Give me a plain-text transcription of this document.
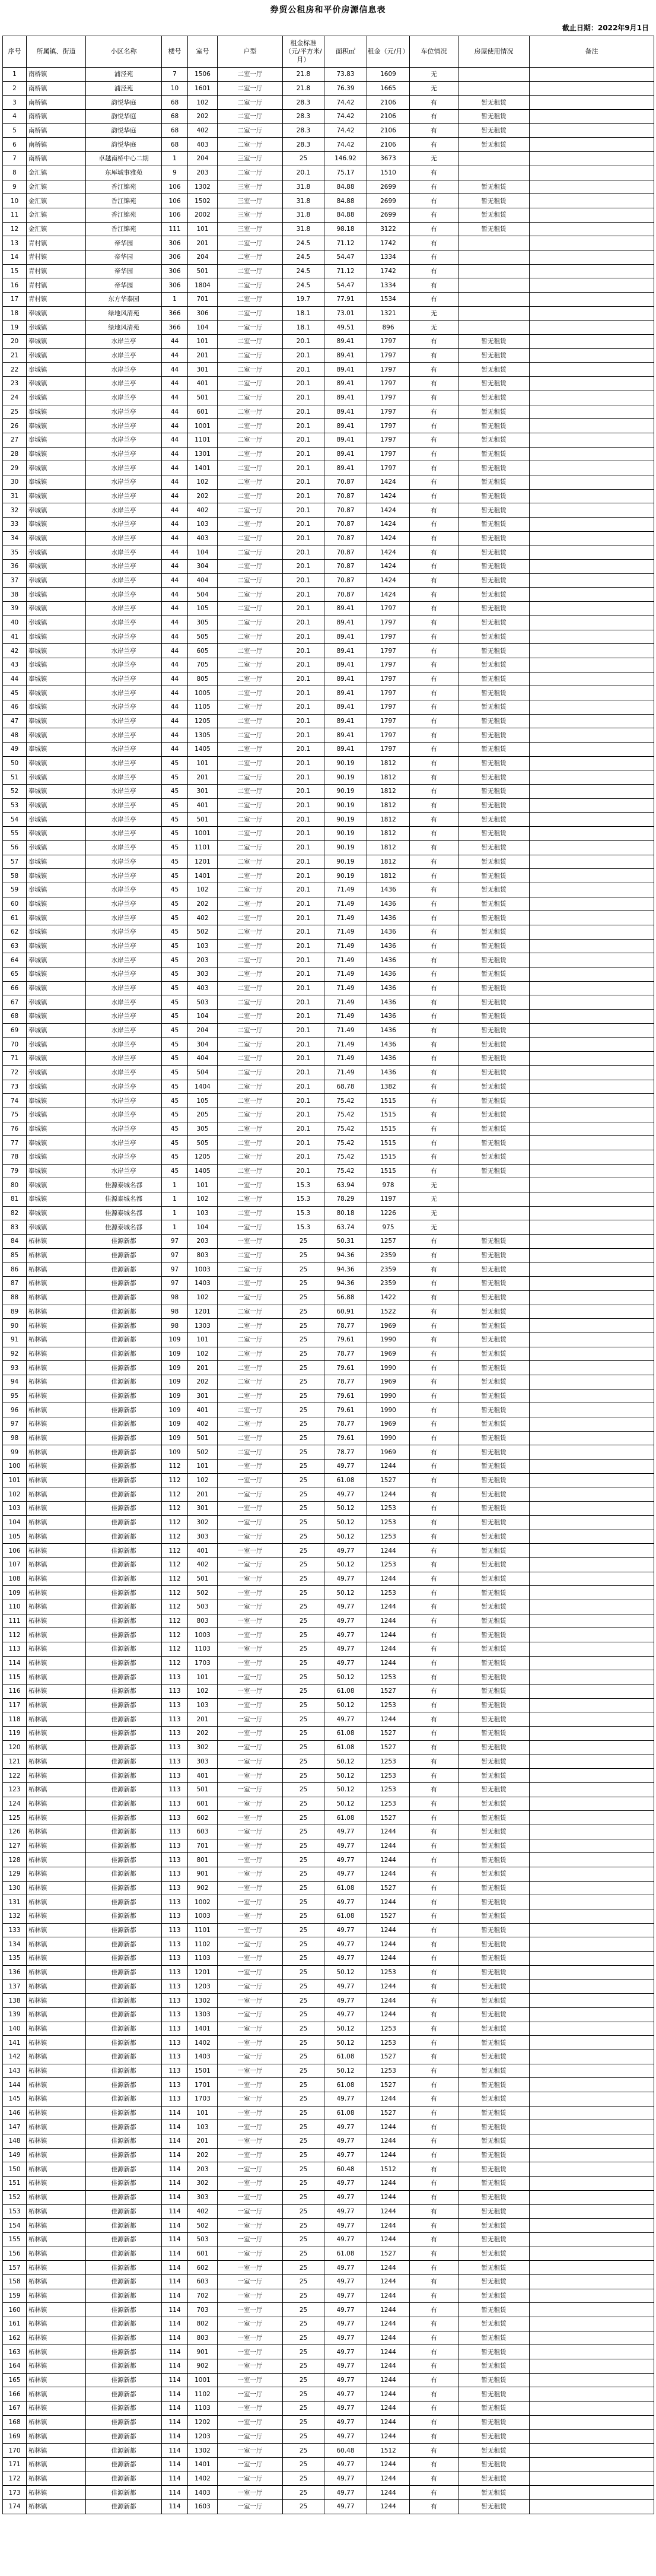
券贸公租房和平价房源信息表
截止日期：2022年9月1日
序号	所属镇、街道	小区名称	楼号	室号	户型	租金标准（元/平方米/月）	面积㎡	租金（元/月）	车位情况	房屋使用情况	备注
1	南桥镇	浦泾苑	7	1506	二室一厅	21.8	73.83	1609	无		
2	南桥镇	浦泾苑	10	1601	二室一厅	21.8	76.39	1665	无		
3	南桥镇	韵悦华庭	68	102	二室一厅	28.3	74.42	2106	有	暂无租赁	
4	南桥镇	韵悦华庭	68	202	二室一厅	28.3	74.42	2106	有	暂无租赁	
5	南桥镇	韵悦华庭	68	402	二室一厅	28.3	74.42	2106	有	暂无租赁	
6	南桥镇	韵悦华庭	68	403	二室一厅	28.3	74.42	2106	有	暂无租赁	
7	南桥镇	卓越南桥中心二期	1	204	三室一厅	25	146.92	3673	无		
8	金汇镇	东厍城事雅苑	9	203	二室一厅	20.1	75.17	1510	有		
9	金汇镇	香江锦苑	106	1302	三室一厅	31.8	84.88	2699	有	暂无租赁	
10	金汇镇	香江锦苑	106	1502	三室一厅	31.8	84.88	2699	有	暂无租赁	
11	金汇镇	香江锦苑	106	2002	三室一厅	31.8	84.88	2699	有	暂无租赁	
12	金汇镇	香江锦苑	111	101	三室一厅	31.8	98.18	3122	有	暂无租赁	
13	青村镇	帝华园	306	201	二室一厅	24.5	71.12	1742	有		
14	青村镇	帝华园	306	204	二室一厅	24.5	54.47	1334	有		
15	青村镇	帝华园	306	501	二室一厅	24.5	71.12	1742	有		
16	青村镇	帝华园	306	1804	二室一厅	24.5	54.47	1334	有		
17	青村镇	东方华泰园	1	701	二室一厅	19.7	77.91	1534	有		
18	奉城镇	绿地风清苑	366	306	二室一厅	18.1	73.01	1321	无		
19	奉城镇	绿地风清苑	366	104	一室一厅	18.1	49.51	896	无		
20	奉城镇	水岸兰亭	44	101	二室一厅	20.1	89.41	1797	有	暂无租赁	
21	奉城镇	水岸兰亭	44	201	二室一厅	20.1	89.41	1797	有	暂无租赁	
22	奉城镇	水岸兰亭	44	301	二室一厅	20.1	89.41	1797	有	暂无租赁	
23	奉城镇	水岸兰亭	44	401	二室一厅	20.1	89.41	1797	有	暂无租赁	
24	奉城镇	水岸兰亭	44	501	二室一厅	20.1	89.41	1797	有	暂无租赁	
25	奉城镇	水岸兰亭	44	601	二室一厅	20.1	89.41	1797	有	暂无租赁	
26	奉城镇	水岸兰亭	44	1001	二室一厅	20.1	89.41	1797	有	暂无租赁	
27	奉城镇	水岸兰亭	44	1101	二室一厅	20.1	89.41	1797	有	暂无租赁	
28	奉城镇	水岸兰亭	44	1301	二室一厅	20.1	89.41	1797	有	暂无租赁	
29	奉城镇	水岸兰亭	44	1401	二室一厅	20.1	89.41	1797	有	暂无租赁	
30	奉城镇	水岸兰亭	44	102	二室一厅	20.1	70.87	1424	有	暂无租赁	
31	奉城镇	水岸兰亭	44	202	二室一厅	20.1	70.87	1424	有	暂无租赁	
32	奉城镇	水岸兰亭	44	402	二室一厅	20.1	70.87	1424	有	暂无租赁	
33	奉城镇	水岸兰亭	44	103	二室一厅	20.1	70.87	1424	有	暂无租赁	
34	奉城镇	水岸兰亭	44	403	二室一厅	20.1	70.87	1424	有	暂无租赁	
35	奉城镇	水岸兰亭	44	104	二室一厅	20.1	70.87	1424	有	暂无租赁	
36	奉城镇	水岸兰亭	44	304	二室一厅	20.1	70.87	1424	有	暂无租赁	
37	奉城镇	水岸兰亭	44	404	二室一厅	20.1	70.87	1424	有	暂无租赁	
38	奉城镇	水岸兰亭	44	504	二室一厅	20.1	70.87	1424	有	暂无租赁	
39	奉城镇	水岸兰亭	44	105	二室一厅	20.1	89.41	1797	有	暂无租赁	
40	奉城镇	水岸兰亭	44	305	二室一厅	20.1	89.41	1797	有	暂无租赁	
41	奉城镇	水岸兰亭	44	505	二室一厅	20.1	89.41	1797	有	暂无租赁	
42	奉城镇	水岸兰亭	44	605	二室一厅	20.1	89.41	1797	有	暂无租赁	
43	奉城镇	水岸兰亭	44	705	二室一厅	20.1	89.41	1797	有	暂无租赁	
44	奉城镇	水岸兰亭	44	805	二室一厅	20.1	89.41	1797	有	暂无租赁	
45	奉城镇	水岸兰亭	44	1005	二室一厅	20.1	89.41	1797	有	暂无租赁	
46	奉城镇	水岸兰亭	44	1105	二室一厅	20.1	89.41	1797	有	暂无租赁	
47	奉城镇	水岸兰亭	44	1205	二室一厅	20.1	89.41	1797	有	暂无租赁	
48	奉城镇	水岸兰亭	44	1305	二室一厅	20.1	89.41	1797	有	暂无租赁	
49	奉城镇	水岸兰亭	44	1405	二室一厅	20.1	89.41	1797	有	暂无租赁	
50	奉城镇	水岸兰亭	45	101	二室一厅	20.1	90.19	1812	有	暂无租赁	
51	奉城镇	水岸兰亭	45	201	二室一厅	20.1	90.19	1812	有	暂无租赁	
52	奉城镇	水岸兰亭	45	301	二室一厅	20.1	90.19	1812	有	暂无租赁	
53	奉城镇	水岸兰亭	45	401	二室一厅	20.1	90.19	1812	有	暂无租赁	
54	奉城镇	水岸兰亭	45	501	二室一厅	20.1	90.19	1812	有	暂无租赁	
55	奉城镇	水岸兰亭	45	1001	二室一厅	20.1	90.19	1812	有	暂无租赁	
56	奉城镇	水岸兰亭	45	1101	二室一厅	20.1	90.19	1812	有	暂无租赁	
57	奉城镇	水岸兰亭	45	1201	二室一厅	20.1	90.19	1812	有	暂无租赁	
58	奉城镇	水岸兰亭	45	1401	二室一厅	20.1	90.19	1812	有	暂无租赁	
59	奉城镇	水岸兰亭	45	102	二室一厅	20.1	71.49	1436	有	暂无租赁	
60	奉城镇	水岸兰亭	45	202	二室一厅	20.1	71.49	1436	有	暂无租赁	
61	奉城镇	水岸兰亭	45	402	二室一厅	20.1	71.49	1436	有	暂无租赁	
62	奉城镇	水岸兰亭	45	502	二室一厅	20.1	71.49	1436	有	暂无租赁	
63	奉城镇	水岸兰亭	45	103	二室一厅	20.1	71.49	1436	有	暂无租赁	
64	奉城镇	水岸兰亭	45	203	二室一厅	20.1	71.49	1436	有	暂无租赁	
65	奉城镇	水岸兰亭	45	303	二室一厅	20.1	71.49	1436	有	暂无租赁	
66	奉城镇	水岸兰亭	45	403	二室一厅	20.1	71.49	1436	有	暂无租赁	
67	奉城镇	水岸兰亭	45	503	二室一厅	20.1	71.49	1436	有	暂无租赁	
68	奉城镇	水岸兰亭	45	104	二室一厅	20.1	71.49	1436	有	暂无租赁	
69	奉城镇	水岸兰亭	45	204	二室一厅	20.1	71.49	1436	有	暂无租赁	
70	奉城镇	水岸兰亭	45	304	二室一厅	20.1	71.49	1436	有	暂无租赁	
71	奉城镇	水岸兰亭	45	404	二室一厅	20.1	71.49	1436	有	暂无租赁	
72	奉城镇	水岸兰亭	45	504	二室一厅	20.1	71.49	1436	有	暂无租赁	
73	奉城镇	水岸兰亭	45	1404	二室一厅	20.1	68.78	1382	有	暂无租赁	
74	奉城镇	水岸兰亭	45	105	二室一厅	20.1	75.42	1515	有	暂无租赁	
75	奉城镇	水岸兰亭	45	205	二室一厅	20.1	75.42	1515	有	暂无租赁	
76	奉城镇	水岸兰亭	45	305	二室一厅	20.1	75.42	1515	有	暂无租赁	
77	奉城镇	水岸兰亭	45	505	二室一厅	20.1	75.42	1515	有	暂无租赁	
78	奉城镇	水岸兰亭	45	1205	二室一厅	20.1	75.42	1515	有	暂无租赁	
79	奉城镇	水岸兰亭	45	1405	二室一厅	20.1	75.42	1515	有	暂无租赁	
80	奉城镇	佳源泰城名都	1	101	一室一厅	15.3	63.94	978	无		
81	奉城镇	佳源泰城名都	1	102	二室一厅	15.3	78.29	1197	无		
82	奉城镇	佳源泰城名都	1	103	二室一厅	15.3	80.18	1226	无		
83	奉城镇	佳源泰城名都	1	104	一室一厅	15.3	63.74	975	无		
84	柘林镇	佳源新都	97	203	一室一厅	25	50.31	1257	有	暂无租赁	
85	柘林镇	佳源新都	97	803	二室一厅	25	94.36	2359	有	暂无租赁	
86	柘林镇	佳源新都	97	1003	二室一厅	25	94.36	2359	有	暂无租赁	
87	柘林镇	佳源新都	97	1403	二室一厅	25	94.36	2359	有	暂无租赁	
88	柘林镇	佳源新都	98	102	一室一厅	25	56.88	1422	有	暂无租赁	
89	柘林镇	佳源新都	98	1201	二室一厅	25	60.91	1522	有	暂无租赁	
90	柘林镇	佳源新都	98	1303	二室一厅	25	78.77	1969	有	暂无租赁	
91	柘林镇	佳源新都	109	101	二室一厅	25	79.61	1990	有	暂无租赁	
92	柘林镇	佳源新都	109	102	二室一厅	25	78.77	1969	有	暂无租赁	
93	柘林镇	佳源新都	109	201	二室一厅	25	79.61	1990	有	暂无租赁	
94	柘林镇	佳源新都	109	202	二室一厅	25	78.77	1969	有	暂无租赁	
95	柘林镇	佳源新都	109	301	二室一厅	25	79.61	1990	有	暂无租赁	
96	柘林镇	佳源新都	109	401	二室一厅	25	79.61	1990	有	暂无租赁	
97	柘林镇	佳源新都	109	402	二室一厅	25	78.77	1969	有	暂无租赁	
98	柘林镇	佳源新都	109	501	二室一厅	25	79.61	1990	有	暂无租赁	
99	柘林镇	佳源新都	109	502	二室一厅	25	78.77	1969	有	暂无租赁	
100	柘林镇	佳源新都	112	101	一室一厅	25	49.77	1244	有	暂无租赁	
101	柘林镇	佳源新都	112	102	一室一厅	25	61.08	1527	有	暂无租赁	
102	柘林镇	佳源新都	112	201	一室一厅	25	49.77	1244	有	暂无租赁	
103	柘林镇	佳源新都	112	301	一室一厅	25	50.12	1253	有	暂无租赁	
104	柘林镇	佳源新都	112	302	一室一厅	25	50.12	1253	有	暂无租赁	
105	柘林镇	佳源新都	112	303	一室一厅	25	50.12	1253	有	暂无租赁	
106	柘林镇	佳源新都	112	401	一室一厅	25	49.77	1244	有	暂无租赁	
107	柘林镇	佳源新都	112	402	一室一厅	25	50.12	1253	有	暂无租赁	
108	柘林镇	佳源新都	112	501	一室一厅	25	49.77	1244	有	暂无租赁	
109	柘林镇	佳源新都	112	502	一室一厅	25	50.12	1253	有	暂无租赁	
110	柘林镇	佳源新都	112	503	一室一厅	25	49.77	1244	有	暂无租赁	
111	柘林镇	佳源新都	112	803	一室一厅	25	49.77	1244	有	暂无租赁	
112	柘林镇	佳源新都	112	1003	一室一厅	25	49.77	1244	有	暂无租赁	
113	柘林镇	佳源新都	112	1103	一室一厅	25	49.77	1244	有	暂无租赁	
114	柘林镇	佳源新都	112	1703	一室一厅	25	49.77	1244	有	暂无租赁	
115	柘林镇	佳源新都	113	101	一室一厅	25	50.12	1253	有	暂无租赁	
116	柘林镇	佳源新都	113	102	一室一厅	25	61.08	1527	有	暂无租赁	
117	柘林镇	佳源新都	113	103	一室一厅	25	50.12	1253	有	暂无租赁	
118	柘林镇	佳源新都	113	201	一室一厅	25	49.77	1244	有	暂无租赁	
119	柘林镇	佳源新都	113	202	一室一厅	25	61.08	1527	有	暂无租赁	
120	柘林镇	佳源新都	113	302	一室一厅	25	61.08	1527	有	暂无租赁	
121	柘林镇	佳源新都	113	303	一室一厅	25	50.12	1253	有	暂无租赁	
122	柘林镇	佳源新都	113	401	一室一厅	25	50.12	1253	有	暂无租赁	
123	柘林镇	佳源新都	113	501	一室一厅	25	50.12	1253	有	暂无租赁	
124	柘林镇	佳源新都	113	601	一室一厅	25	50.12	1253	有	暂无租赁	
125	柘林镇	佳源新都	113	602	一室一厅	25	61.08	1527	有	暂无租赁	
126	柘林镇	佳源新都	113	603	一室一厅	25	49.77	1244	有	暂无租赁	
127	柘林镇	佳源新都	113	701	一室一厅	25	49.77	1244	有	暂无租赁	
128	柘林镇	佳源新都	113	801	一室一厅	25	49.77	1244	有	暂无租赁	
129	柘林镇	佳源新都	113	901	一室一厅	25	49.77	1244	有	暂无租赁	
130	柘林镇	佳源新都	113	902	一室一厅	25	61.08	1527	有	暂无租赁	
131	柘林镇	佳源新都	113	1002	一室一厅	25	49.77	1244	有	暂无租赁	
132	柘林镇	佳源新都	113	1003	一室一厅	25	61.08	1527	有	暂无租赁	
133	柘林镇	佳源新都	113	1101	一室一厅	25	49.77	1244	有	暂无租赁	
134	柘林镇	佳源新都	113	1102	一室一厅	25	49.77	1244	有	暂无租赁	
135	柘林镇	佳源新都	113	1103	一室一厅	25	49.77	1244	有	暂无租赁	
136	柘林镇	佳源新都	113	1201	一室一厅	25	50.12	1253	有	暂无租赁	
137	柘林镇	佳源新都	113	1203	一室一厅	25	49.77	1244	有	暂无租赁	
138	柘林镇	佳源新都	113	1302	一室一厅	25	49.77	1244	有	暂无租赁	
139	柘林镇	佳源新都	113	1303	一室一厅	25	49.77	1244	有	暂无租赁	
140	柘林镇	佳源新都	113	1401	一室一厅	25	50.12	1253	有	暂无租赁	
141	柘林镇	佳源新都	113	1402	一室一厅	25	50.12	1253	有	暂无租赁	
142	柘林镇	佳源新都	113	1403	一室一厅	25	61.08	1527	有	暂无租赁	
143	柘林镇	佳源新都	113	1501	一室一厅	25	50.12	1253	有	暂无租赁	
144	柘林镇	佳源新都	113	1701	一室一厅	25	61.08	1527	有	暂无租赁	
145	柘林镇	佳源新都	113	1703	一室一厅	25	49.77	1244	有	暂无租赁	
146	柘林镇	佳源新都	114	101	一室一厅	25	61.08	1527	有	暂无租赁	
147	柘林镇	佳源新都	114	103	一室一厅	25	49.77	1244	有	暂无租赁	
148	柘林镇	佳源新都	114	201	一室一厅	25	49.77	1244	有	暂无租赁	
149	柘林镇	佳源新都	114	202	一室一厅	25	49.77	1244	有	暂无租赁	
150	柘林镇	佳源新都	114	203	一室一厅	25	60.48	1512	有	暂无租赁	
151	柘林镇	佳源新都	114	302	一室一厅	25	49.77	1244	有	暂无租赁	
152	柘林镇	佳源新都	114	303	一室一厅	25	49.77	1244	有	暂无租赁	
153	柘林镇	佳源新都	114	402	一室一厅	25	49.77	1244	有	暂无租赁	
154	柘林镇	佳源新都	114	502	一室一厅	25	49.77	1244	有	暂无租赁	
155	柘林镇	佳源新都	114	503	一室一厅	25	49.77	1244	有	暂无租赁	
156	柘林镇	佳源新都	114	601	一室一厅	25	61.08	1527	有	暂无租赁	
157	柘林镇	佳源新都	114	602	一室一厅	25	49.77	1244	有	暂无租赁	
158	柘林镇	佳源新都	114	603	一室一厅	25	49.77	1244	有	暂无租赁	
159	柘林镇	佳源新都	114	702	一室一厅	25	49.77	1244	有	暂无租赁	
160	柘林镇	佳源新都	114	703	一室一厅	25	49.77	1244	有	暂无租赁	
161	柘林镇	佳源新都	114	802	一室一厅	25	49.77	1244	有	暂无租赁	
162	柘林镇	佳源新都	114	803	一室一厅	25	49.77	1244	有	暂无租赁	
163	柘林镇	佳源新都	114	901	一室一厅	25	49.77	1244	有	暂无租赁	
164	柘林镇	佳源新都	114	902	一室一厅	25	49.77	1244	有	暂无租赁	
165	柘林镇	佳源新都	114	1001	一室一厅	25	49.77	1244	有	暂无租赁	
166	柘林镇	佳源新都	114	1102	一室一厅	25	49.77	1244	有	暂无租赁	
167	柘林镇	佳源新都	114	1103	一室一厅	25	49.77	1244	有	暂无租赁	
168	柘林镇	佳源新都	114	1202	一室一厅	25	49.77	1244	有	暂无租赁	
169	柘林镇	佳源新都	114	1203	一室一厅	25	49.77	1244	有	暂无租赁	
170	柘林镇	佳源新都	114	1302	一室一厅	25	60.48	1512	有	暂无租赁	
171	柘林镇	佳源新都	114	1401	一室一厅	25	49.77	1244	有	暂无租赁	
172	柘林镇	佳源新都	114	1402	一室一厅	25	49.77	1244	有	暂无租赁	
173	柘林镇	佳源新都	114	1403	一室一厅	25	49.77	1244	有	暂无租赁	
174	柘林镇	佳源新都	114	1603	一室一厅	25	49.77	1244	有	暂无租赁	
